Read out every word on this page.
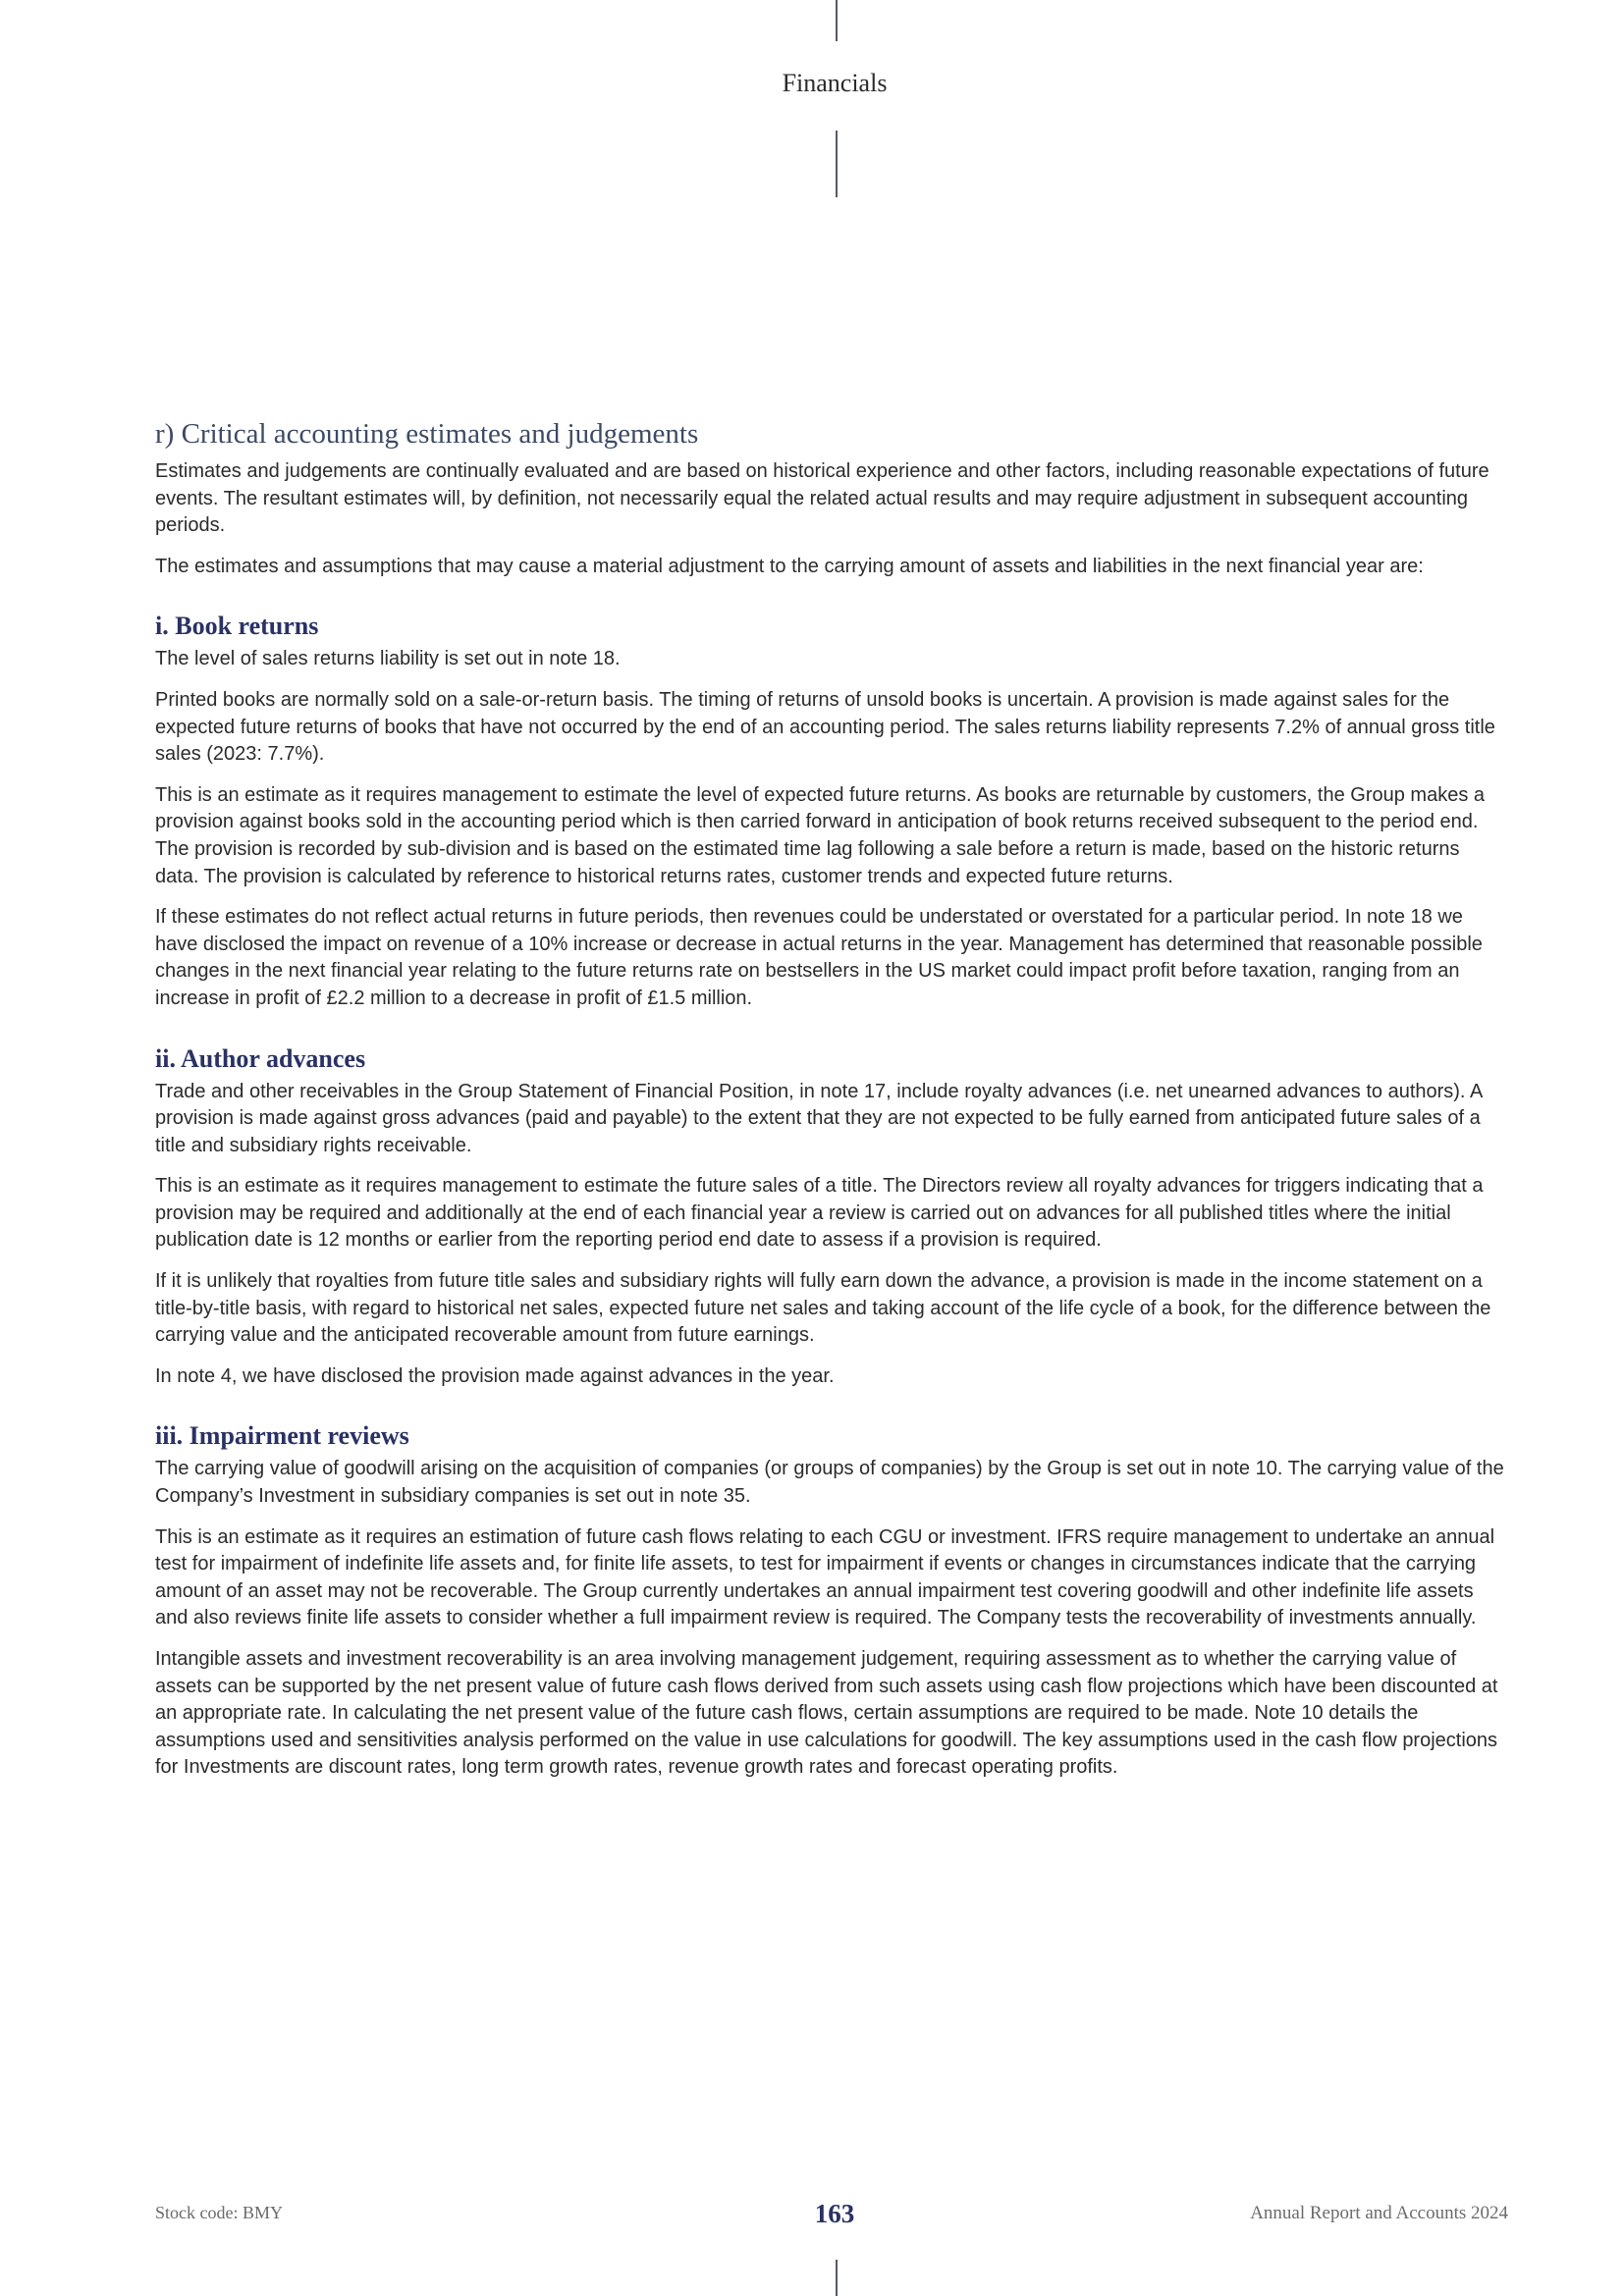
Financials
r) Critical accounting estimates and judgements

Estimates and judgements are continually evaluated and are based on historical experience and other factors, including reasonable expectations of future events. The resultant estimates will, by definition, not necessarily equal the related actual results and may require adjustment in subsequent accounting periods.

The estimates and assumptions that may cause a material adjustment to the carrying amount of assets and liabilities in the next financial year are:

i. Book returns

The level of sales returns liability is set out in note 18.

Printed books are normally sold on a sale-or-return basis. The timing of returns of unsold books is uncertain. A provision is made against sales for the expected future returns of books that have not occurred by the end of an accounting period. The sales returns liability represents 7.2% of annual gross title sales (2023: 7.7%).

This is an estimate as it requires management to estimate the level of expected future returns. As books are returnable by customers, the Group makes a provision against books sold in the accounting period which is then carried forward in anticipation of book returns received subsequent to the period end. The provision is recorded by sub-division and is based on the estimated time lag following a sale before a return is made, based on the historic returns data. The provision is calculated by reference to historical returns rates, customer trends and expected future returns.

If these estimates do not reflect actual returns in future periods, then revenues could be understated or overstated for a particular period. In note 18 we have disclosed the impact on revenue of a 10% increase or decrease in actual returns in the year. Management has determined that reasonable possible changes in the next financial year relating to the future returns rate on bestsellers in the US market could impact profit before taxation, ranging from an increase in profit of £2.2 million to a decrease in profit of £1.5 million.

ii. Author advances

Trade and other receivables in the Group Statement of Financial Position, in note 17, include royalty advances (i.e. net unearned advances to authors). A provision is made against gross advances (paid and payable) to the extent that they are not expected to be fully earned from anticipated future sales of a title and subsidiary rights receivable.

This is an estimate as it requires management to estimate the future sales of a title. The Directors review all royalty advances for triggers indicating that a provision may be required and additionally at the end of each financial year a review is carried out on advances for all published titles where the initial publication date is 12 months or earlier from the reporting period end date to assess if a provision is required.

If it is unlikely that royalties from future title sales and subsidiary rights will fully earn down the advance, a provision is made in the income statement on a title-by-title basis, with regard to historical net sales, expected future net sales and taking account of the life cycle of a book, for the difference between the carrying value and the anticipated recoverable amount from future earnings.

In note 4, we have disclosed the provision made against advances in the year.

iii. Impairment reviews

The carrying value of goodwill arising on the acquisition of companies (or groups of companies) by the Group is set out in note 10. The carrying value of the Company’s Investment in subsidiary companies is set out in note 35.

This is an estimate as it requires an estimation of future cash flows relating to each CGU or investment. IFRS require management to undertake an annual test for impairment of indefinite life assets and, for finite life assets, to test for impairment if events or changes in circumstances indicate that the carrying amount of an asset may not be recoverable. The Group currently undertakes an annual impairment test covering goodwill and other indefinite life assets and also reviews finite life assets to consider whether a full impairment review is required. The Company tests the recoverability of investments annually.

Intangible assets and investment recoverability is an area involving management judgement, requiring assessment as to whether the carrying value of assets can be supported by the net present value of future cash flows derived from such assets using cash flow projections which have been discounted at an appropriate rate. In calculating the net present value of the future cash flows, certain assumptions are required to be made. Note 10 details the assumptions used and sensitivities analysis performed on the value in use calculations for goodwill. The key assumptions used in the cash flow projections for Investments are discount rates, long term growth rates, revenue growth rates and forecast operating profits.

Stock code: BMY	163	Annual Report and Accounts 2024
